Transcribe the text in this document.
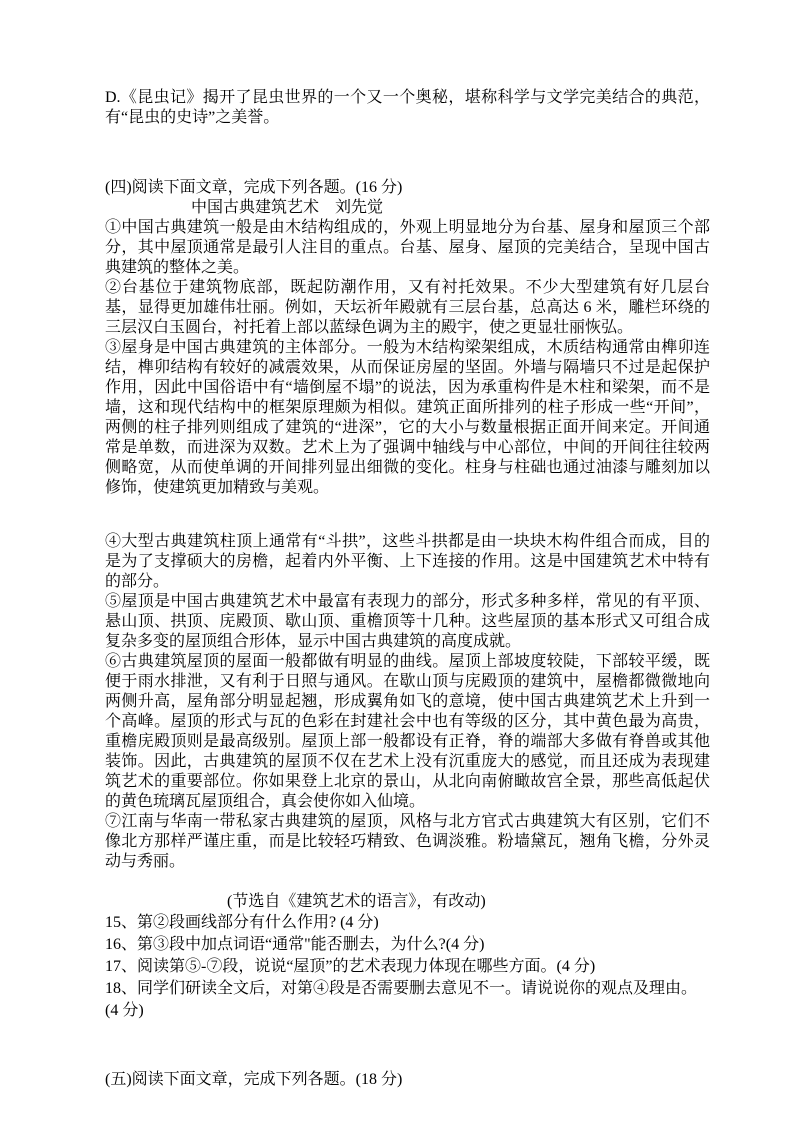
D.《昆虫记》揭开了昆虫世界的一个又一个奥秘，堪称科学与文学完美结合的典范，有“昆虫的史诗”之美誉。

(四)阅读下面文章，完成下列各题。(16 分)

中国古典建筑艺术　刘先觉

①中国古典建筑一般是由木结构组成的，外观上明显地分为台基、屋身和屋顶三个部分，其中屋顶通常是最引人注目的重点。台基、屋身、屋顶的完美结合，呈现中国古典建筑的整体之美。

②台基位于建筑物底部，既起防潮作用，又有衬托效果。不少大型建筑有好几层台基，显得更加雄伟壮丽。例如，天坛祈年殿就有三层台基，总高达 6 米，雕栏环绕的三层汉白玉圆台，衬托着上部以蓝绿色调为主的殿宇，使之更显壮丽恢弘。

③屋身是中国古典建筑的主体部分。一般为木结构梁架组成，木质结构通常由榫卯连结，榫卯结构有较好的减震效果，从而保证房屋的坚固。外墙与隔墙只不过是起保护作用，因此中国俗语中有“墙倒屋不塌”的说法，因为承重构件是木柱和梁架，而不是墙，这和现代结构中的框架原理颇为相似。建筑正面所排列的柱子形成一些“开间”，两侧的柱子排列则组成了建筑的“进深”，它的大小与数量根据正面开间来定。开间通常是单数，而进深为双数。艺术上为了强调中轴线与中心部位，中间的开间往往较两侧略宽，从而使单调的开间排列显出细微的变化。柱身与柱础也通过油漆与雕刻加以修饰，使建筑更加精致与美观。

④大型古典建筑柱顶上通常有“斗拱”，这些斗拱都是由一块块木构件组合而成，目的是为了支撑硕大的房檐，起着内外平衡、上下连接的作用。这是中国建筑艺术中特有的部分。

⑤屋顶是中国古典建筑艺术中最富有表现力的部分，形式多种多样，常见的有平顶、悬山顶、拱顶、庑殿顶、歇山顶、重檐顶等十几种。这些屋顶的基本形式又可组合成复杂多变的屋顶组合形体，显示中国古典建筑的高度成就。

⑥古典建筑屋顶的屋面一般都做有明显的曲线。屋顶上部坡度较陡，下部较平缓，既便于雨水排泄，又有利于日照与通风。在歇山顶与庑殿顶的建筑中，屋檐都微微地向两侧升高，屋角部分明显起翘，形成翼角如飞的意境，使中国古典建筑艺术上升到一个高峰。屋顶的形式与瓦的色彩在封建社会中也有等级的区分，其中黄色最为高贵，重檐庑殿顶则是最高级别。屋顶上部一般都设有正脊，脊的端部大多做有脊兽或其他装饰。因此，古典建筑的屋顶不仅在艺术上没有沉重庞大的感觉，而且还成为表现建筑艺术的重要部位。你如果登上北京的景山，从北向南俯瞰故宫全景，那些高低起伏的黄色琉璃瓦屋顶组合，真会使你如入仙境。

⑦江南与华南一带私家古典建筑的屋顶，风格与北方官式古典建筑大有区别，它们不像北方那样严谨庄重，而是比较轻巧精致、色调淡雅。粉墙黛瓦，翘角飞檐，分外灵动与秀丽。

(节选自《建筑艺术的语言》，有改动)

15、第②段画线部分有什么作用? (4 分)

16、第③段中加点词语“通常"能否删去，为什么?(4 分)

17、阅读第⑤-⑦段，说说“屋顶”的艺术表现力体现在哪些方面。(4 分)

18、同学们研读全文后，对第④段是否需要删去意见不一。请说说你的观点及理由。(4 分)

(五)阅读下面文章，完成下列各题。(18 分)
